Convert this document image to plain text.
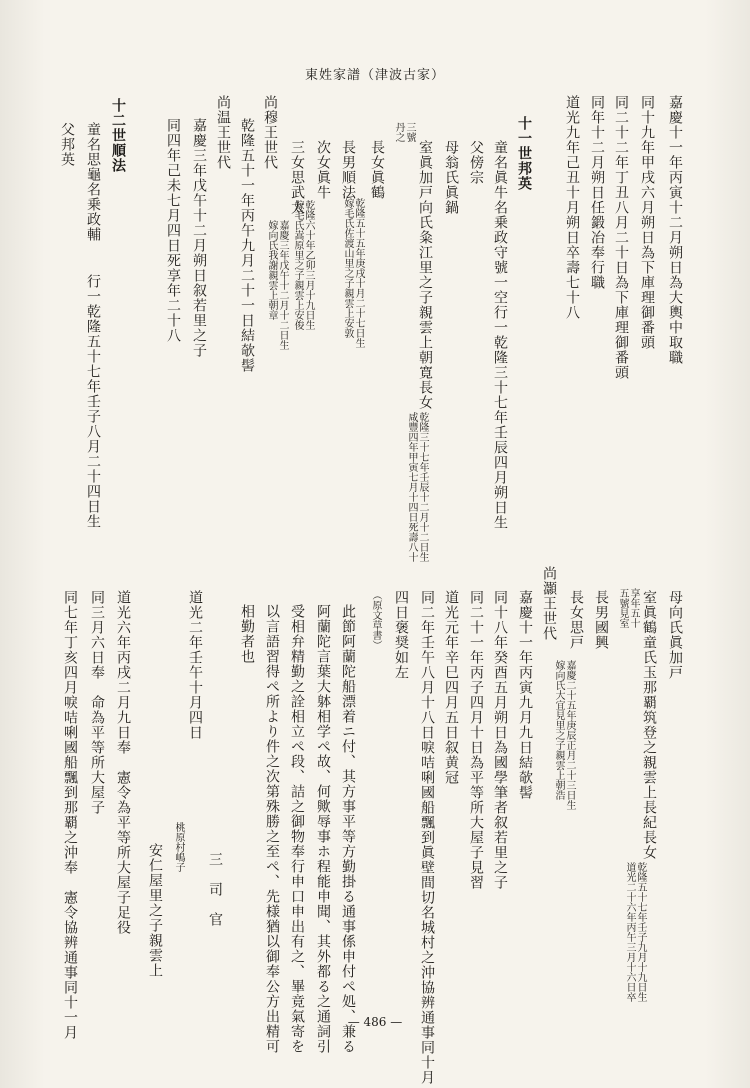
東姓家譜（津波古家）
嘉慶十一年丙寅十二月朔日為大輿中取職
同十九年甲戌六月朔日為下庫理御番頭
同二十二年丁丑八月二十日為下庫理御番頭
同年十二月朔日任鍛冶奉行職
道光九年己丑十月朔日卒壽七十八
十一世邦英
童名眞牛名乗政守號一空行一乾隆三十七年壬辰四月朔日生
父傍宗
母翁氏眞鍋
室眞加戸向氏粂江里之子親雲上朝寛長女
乾隆三十七年壬辰十二月十二日生
咸豐四年甲寅七月十四日死壽八十
三號
丹之
長女眞鶴
乾隆五十五年庚戌十月二十七日生
嫁毛氏佐渡山里之子親雲上安敦
長男順法
次女眞牛
乾隆六十年乙卯三月十九日生
嫁毛氏嵩原里之子親雲上安俊
三女思武太
嘉慶三年戊午十二月十二日生
嫁向氏我謝親雲上朝章
尚穆王世代
乾隆五十一年丙午九月二十一日結欹髻
尚温王世代
嘉慶三年戊午十二月朔日叙若里之子
同四年己未七月四日死享年二十八
十二世順法
童名思龜名乗政輔
行一乾隆五十七年壬子八月二十四日生
父邦英
母向氏眞加戸
室眞鶴童氏玉那覇筑登之親雲上長紀長女
乾隆五十七年壬子九月十九日生
道光二十六年丙午三月十六日卒
享年五十
五號見室
長男國興
長女思戸
嘉慶二十五年庚辰正月二十三日生
嫁向氏大宜見里之子親雲上朝浩
尚灝王世代
嘉慶十一年丙寅九月九日結欹髻
同十八年癸酉五月朔日為國學筆者叙若里之子
同二十一年丙子四月十日為平等所大屋子見習
道光元年辛巳四月五日叙黄冠
同二年壬午八月十八日唳咭唎國船飄到眞壁間切名城村之沖協辨通事同十月
四日褒奨如左
（原文草書）
此節阿蘭陀船漂着ニ付、其方事平等方勤掛る通事係申付ぺ処、兼る
阿蘭陀言葉大躰相学ぺ故、何歟辱事ホ程能申聞、其外都る之通詞引
受相弁精勤之詮相立ぺ段、詰之御物奉行申口申出有之、畢竟氣寄を
以言語習得ぺ所より件之次第殊勝之至ぺ、先様猶以御奉公方出精可
相勤者也
道光二年壬午十月四日
三　司　官
桃原村嶋子
安仁屋里之子親雲上
道光六年丙戌二月九日奉　憲令為平等所大屋子足役
同三月六日奉　命為平等所大屋子
同七年丁亥四月唳咭唎國船飄到那覇之沖奉　憲令協辨通事同十一月	— 486 —
